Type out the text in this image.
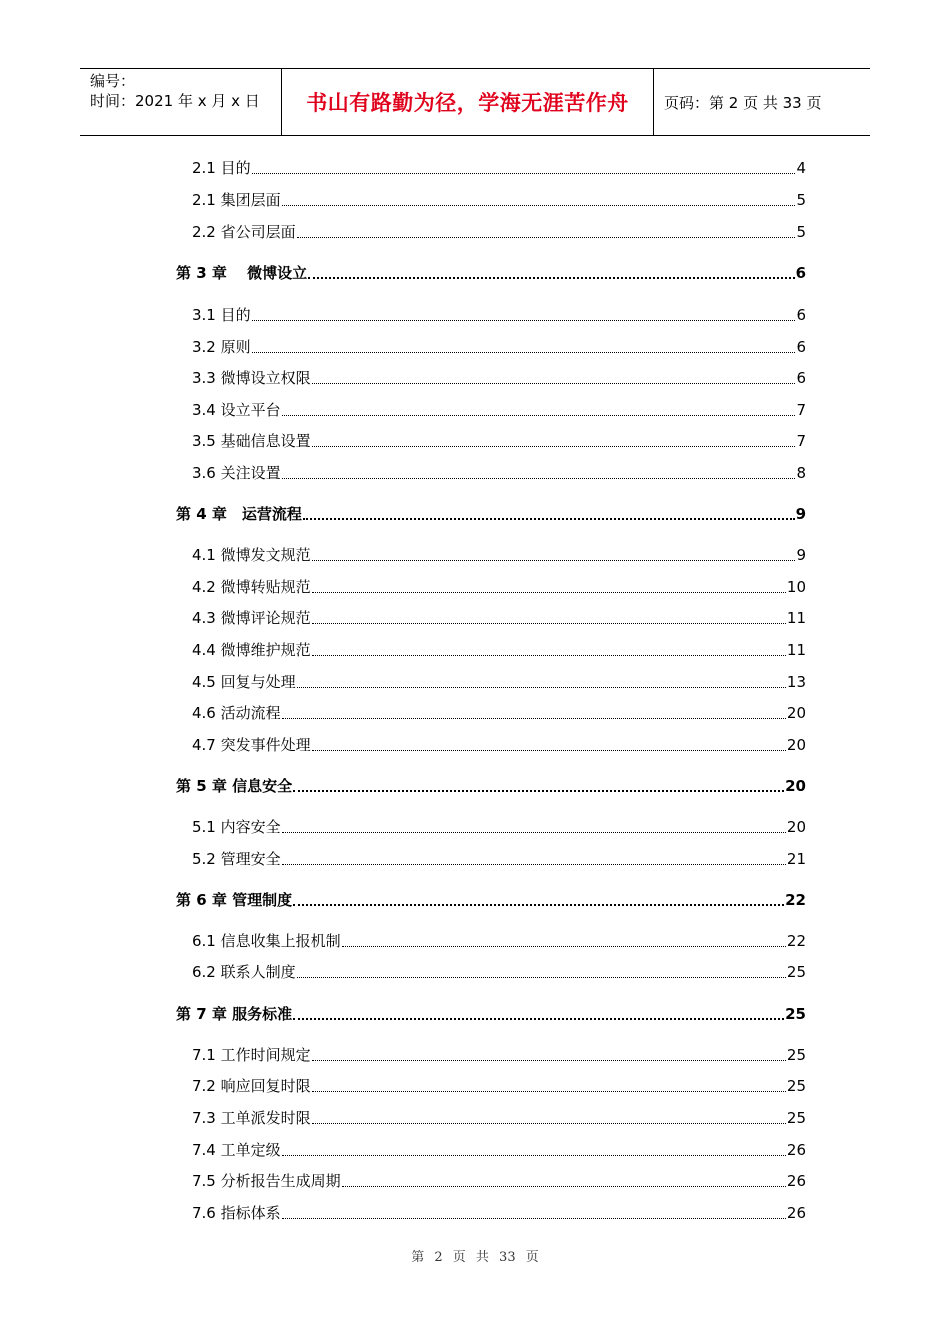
编号：
时间：2021 年 x 月 x 日	书山有路勤为径，学海无涯苦作舟	页码：第 2 页 共 33 页
2.1 目的	4
2.1 集团层面	5
2.2 省公司层面	5
第 3 章　 微博设立	6
3.1 目的	6
3.2 原则	6
3.3 微博设立权限	6
3.4 设立平台	7
3.5 基础信息设置	7
3.6 关注设置	8
第 4 章　运营流程	9
4.1 微博发文规范	9
4.2 微博转贴规范	10
4.3 微博评论规范	11
4.4 微博维护规范	11
4.5 回复与处理	13
4.6 活动流程	20
4.7 突发事件处理	20
第 5 章 信息安全	20
5.1 内容安全	20
5.2 管理安全	21
第 6 章 管理制度	22
6.1 信息收集上报机制	22
6.2 联系人制度	25
第 7 章 服务标准	25
7.1 工作时间规定	25
7.2 响应回复时限	25
7.3 工单派发时限	25
7.4 工单定级	26
7.5 分析报告生成周期	26
7.6 指标体系	26
第 2 页 共 33 页
